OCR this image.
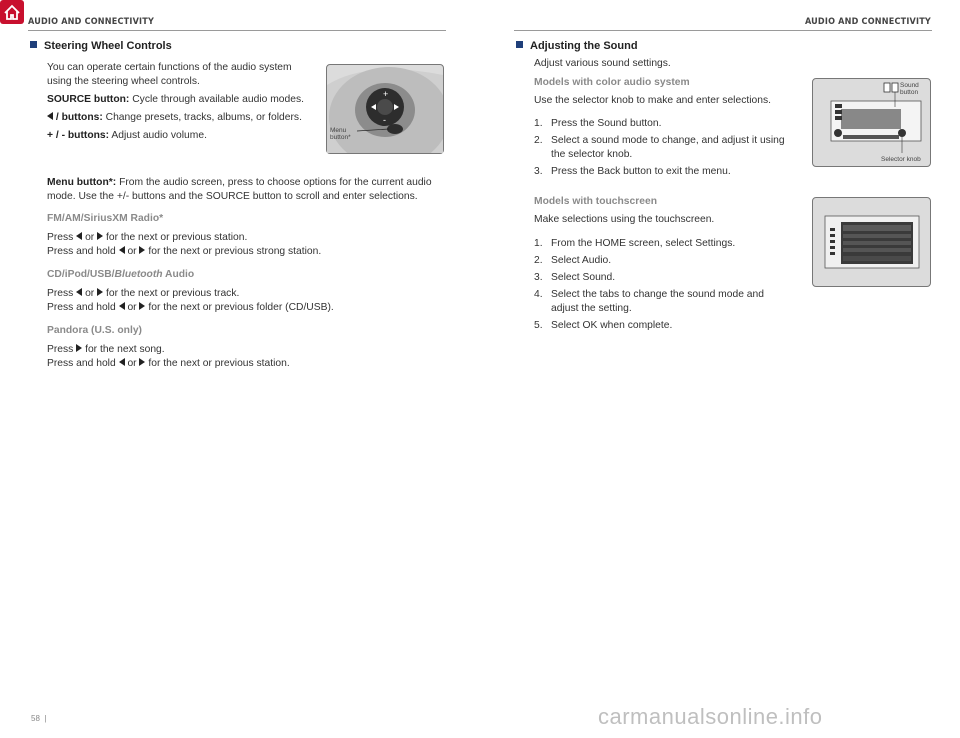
AUDIO AND CONNECTIVITY	AUDIO AND CONNECTIVITY
Steering Wheel Controls

You can operate certain functions of the audio system using the steering wheel controls.

SOURCE button: Cycle through available audio modes.

/ buttons: Change presets, tracks, albums, or folders.

+ / - buttons: Adjust audio volume.

+
-
Menu button*

Menu button*: From the audio screen, press to choose options for the current audio mode. Use the +/- buttons and the SOURCE button to scroll and enter selections.

FM/AM/SiriusXM Radio*

Press or for the next or previous station.

Press and hold or for the next or previous strong station.

CD/iPod/USB/Bluetooth Audio

Press or for the next or previous track.

Press and hold or for the next or previous folder (CD/USB).

Pandora (U.S. only)

Press for the next song.

Press and hold or for the next or previous station.

Adjusting the Sound

Adjust various sound settings.

Models with color audio system

Use the selector knob to make and enter selections.

1. Press the Sound button.
2. Select a sound mode to change, and adjust it using the selector knob.
3. Press the Back button to exit the menu.
Sound button
Selector knob
Models with touchscreen

Make selections using the touchscreen.

1. From the HOME screen, select Settings.
2. Select Audio.
3. Select Sound.
4. Select the tabs to change the sound mode and adjust the setting.
5. Select OK when complete.
58  |	carmanualsonline.info
